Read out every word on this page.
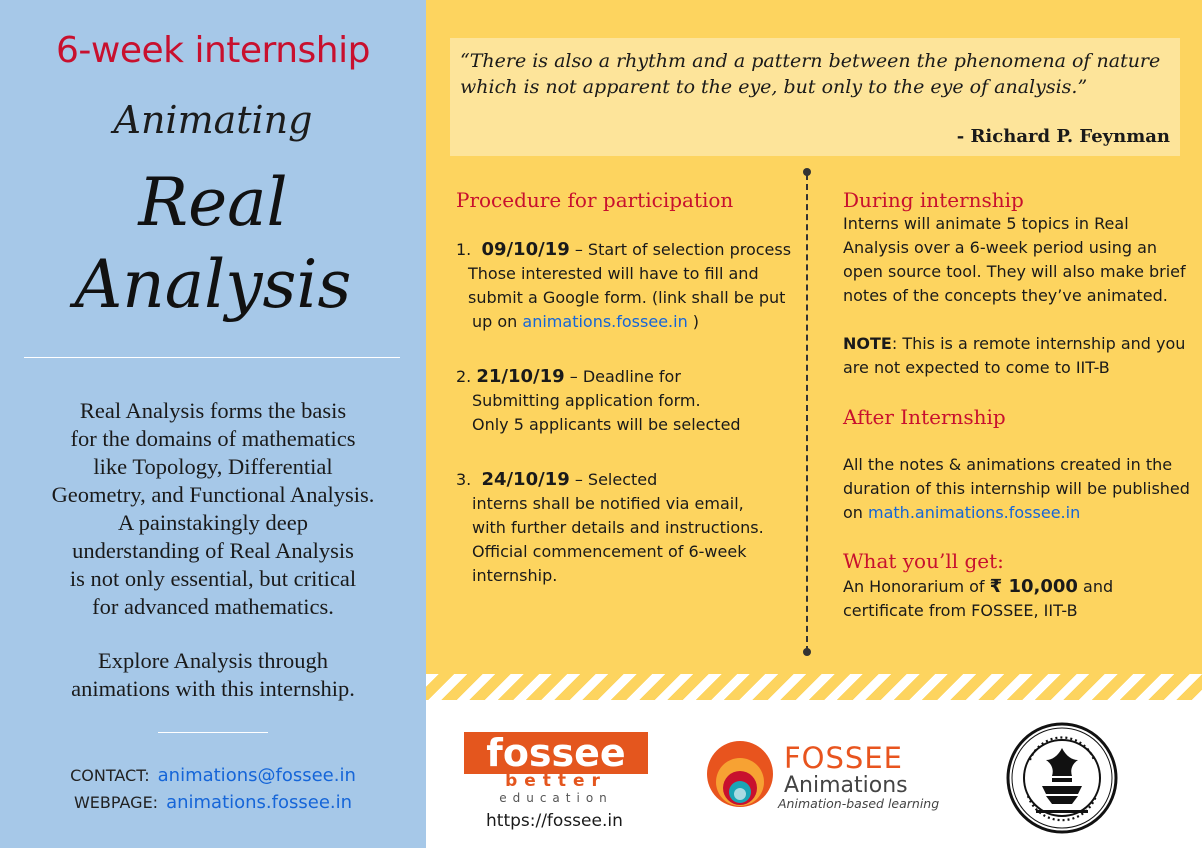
6-week internship
Animating
Real
Analysis
Real Analysis forms the basis
for the domains of mathematics
like Topology, Differential
Geometry, and Functional Analysis.
A painstakingly deep
understanding of Real Analysis
is not only essential, but critical
for advanced mathematics.
Explore Analysis through
animations with this internship.
CONTACT: animations@fossee.in
WEBPAGE: animations.fossee.in
“There is also a rhythm and a pattern between the phenomena of nature
which is not apparent to the eye, but only to the eye of analysis.”
- Richard P. Feynman
Procedure for participation
1. 09/10/19 – Start of selection process
Those interested will have to fill and
submit a Google form. (link shall be put
up on animations.fossee.in )
2. 21/10/19 – Deadline for
Submitting application form.
Only 5 applicants will be selected
3. 24/10/19 – Selected
interns shall be notified via email,
with further details and instructions.
Official commencement of 6-week
internship.
During internship
Interns will animate 5 topics in Real
Analysis over a 6-week period using an
open source tool. They will also make brief
notes of the concepts they’ve animated.
NOTE: This is a remote internship and you
are not expected to come to IIT-B
After Internship
All the notes & animations created in the
duration of this internship will be published
on math.animations.fossee.in
What you’ll get:
An Honorarium of ₹ 10,000 and
certificate from FOSSEE, IIT-B
fossee
better
education
https://fossee.in
FOSSEE
Animations
Animation-based learning
